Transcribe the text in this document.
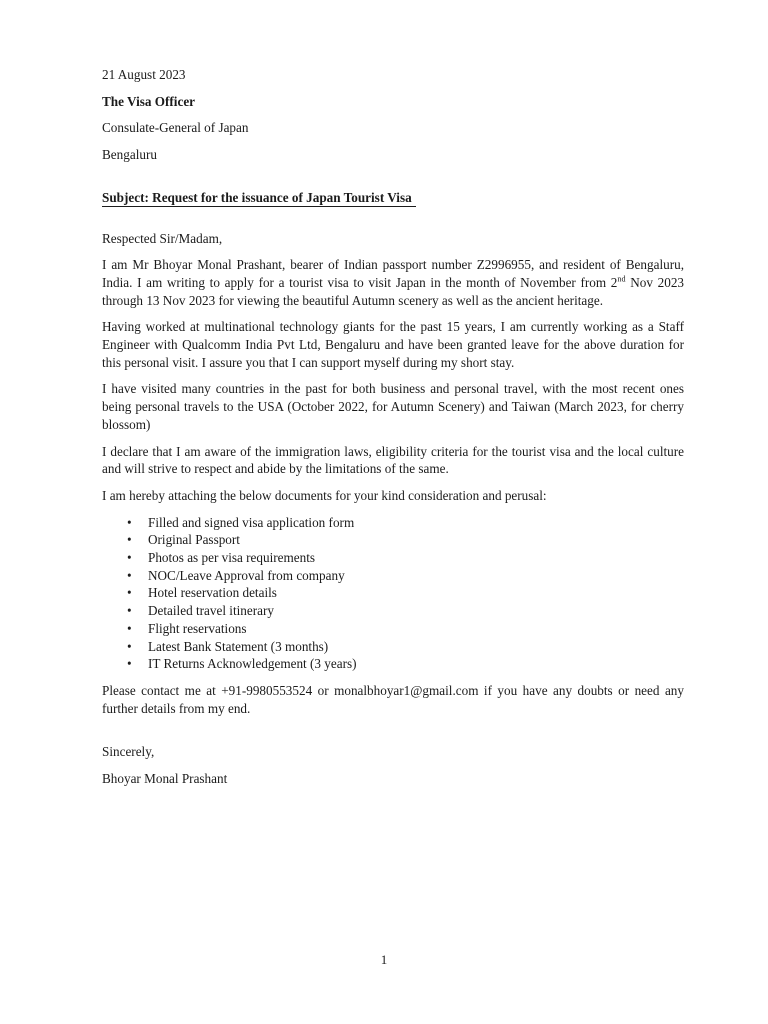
21 August 2023

The Visa Officer

Consulate-General of Japan

Bengaluru

Subject: Request for the issuance of Japan Tourist Visa

Respected Sir/Madam,

I am Mr Bhoyar Monal Prashant, bearer of Indian passport number Z2996955, and resident of Bengaluru, India. I am writing to apply for a tourist visa to visit Japan in the month of November from 2nd Nov 2023 through 13 Nov 2023 for viewing the beautiful Autumn scenery as well as the ancient heritage.

Having worked at multinational technology giants for the past 15 years, I am currently working as a Staff Engineer with Qualcomm India Pvt Ltd, Bengaluru and have been granted leave for the above duration for this personal visit. I assure you that I can support myself during my short stay.

I have visited many countries in the past for both business and personal travel, with the most recent ones being personal travels to the USA (October 2022, for Autumn Scenery) and Taiwan (March 2023, for cherry blossom)

I declare that I am aware of the immigration laws, eligibility criteria for the tourist visa and the local culture and will strive to respect and abide by the limitations of the same.

I am hereby attaching the below documents for your kind consideration and perusal:

• Filled and signed visa application form
• Original Passport
• Photos as per visa requirements
• NOC/Leave Approval from company
• Hotel reservation details
• Detailed travel itinerary
• Flight reservations
• Latest Bank Statement (3 months)
• IT Returns Acknowledgement (3 years)

Please contact me at +91-9980553524 or monalbhoyar1@gmail.com if you have any doubts or need any further details from my end.

Sincerely,

Bhoyar Monal Prashant

1
